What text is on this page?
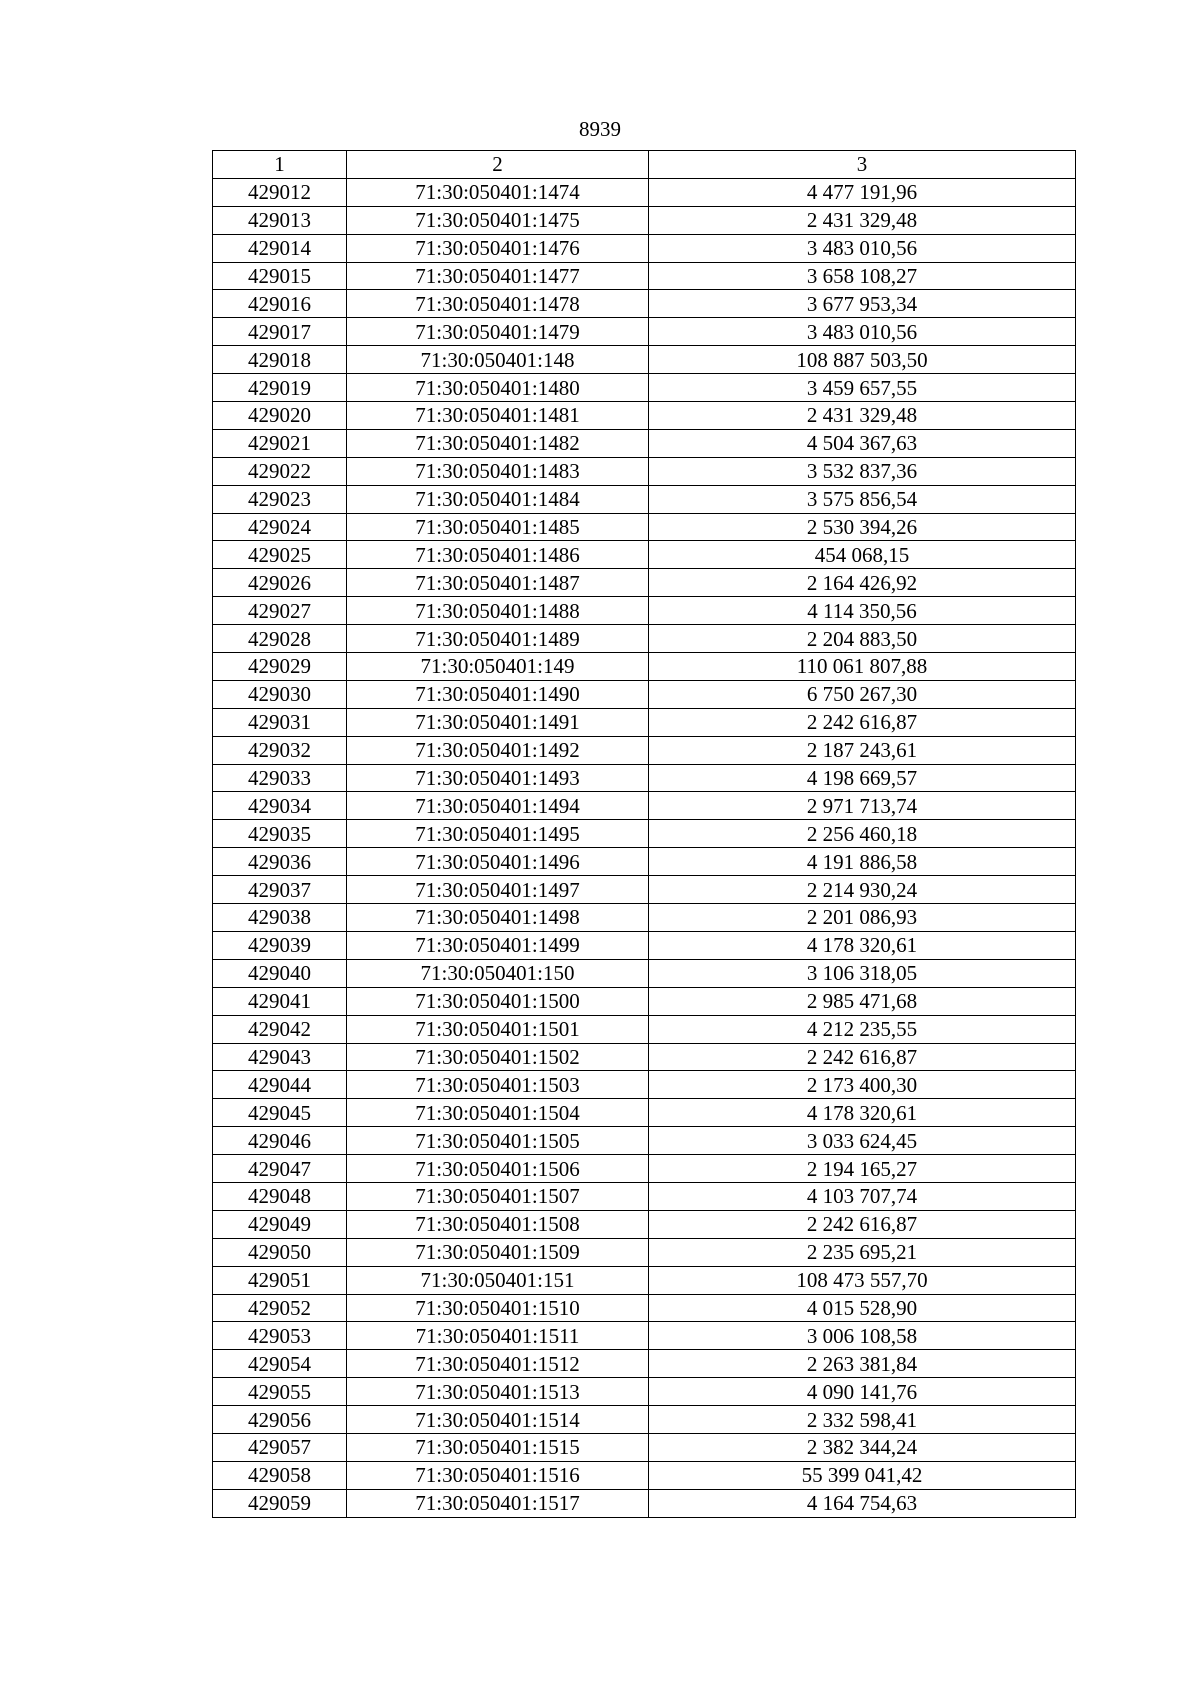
8939
1	2	3
429012	71:30:050401:1474	4 477 191,96
429013	71:30:050401:1475	2 431 329,48
429014	71:30:050401:1476	3 483 010,56
429015	71:30:050401:1477	3 658 108,27
429016	71:30:050401:1478	3 677 953,34
429017	71:30:050401:1479	3 483 010,56
429018	71:30:050401:148	108 887 503,50
429019	71:30:050401:1480	3 459 657,55
429020	71:30:050401:1481	2 431 329,48
429021	71:30:050401:1482	4 504 367,63
429022	71:30:050401:1483	3 532 837,36
429023	71:30:050401:1484	3 575 856,54
429024	71:30:050401:1485	2 530 394,26
429025	71:30:050401:1486	454 068,15
429026	71:30:050401:1487	2 164 426,92
429027	71:30:050401:1488	4 114 350,56
429028	71:30:050401:1489	2 204 883,50
429029	71:30:050401:149	110 061 807,88
429030	71:30:050401:1490	6 750 267,30
429031	71:30:050401:1491	2 242 616,87
429032	71:30:050401:1492	2 187 243,61
429033	71:30:050401:1493	4 198 669,57
429034	71:30:050401:1494	2 971 713,74
429035	71:30:050401:1495	2 256 460,18
429036	71:30:050401:1496	4 191 886,58
429037	71:30:050401:1497	2 214 930,24
429038	71:30:050401:1498	2 201 086,93
429039	71:30:050401:1499	4 178 320,61
429040	71:30:050401:150	3 106 318,05
429041	71:30:050401:1500	2 985 471,68
429042	71:30:050401:1501	4 212 235,55
429043	71:30:050401:1502	2 242 616,87
429044	71:30:050401:1503	2 173 400,30
429045	71:30:050401:1504	4 178 320,61
429046	71:30:050401:1505	3 033 624,45
429047	71:30:050401:1506	2 194 165,27
429048	71:30:050401:1507	4 103 707,74
429049	71:30:050401:1508	2 242 616,87
429050	71:30:050401:1509	2 235 695,21
429051	71:30:050401:151	108 473 557,70
429052	71:30:050401:1510	4 015 528,90
429053	71:30:050401:1511	3 006 108,58
429054	71:30:050401:1512	2 263 381,84
429055	71:30:050401:1513	4 090 141,76
429056	71:30:050401:1514	2 332 598,41
429057	71:30:050401:1515	2 382 344,24
429058	71:30:050401:1516	55 399 041,42
429059	71:30:050401:1517	4 164 754,63
